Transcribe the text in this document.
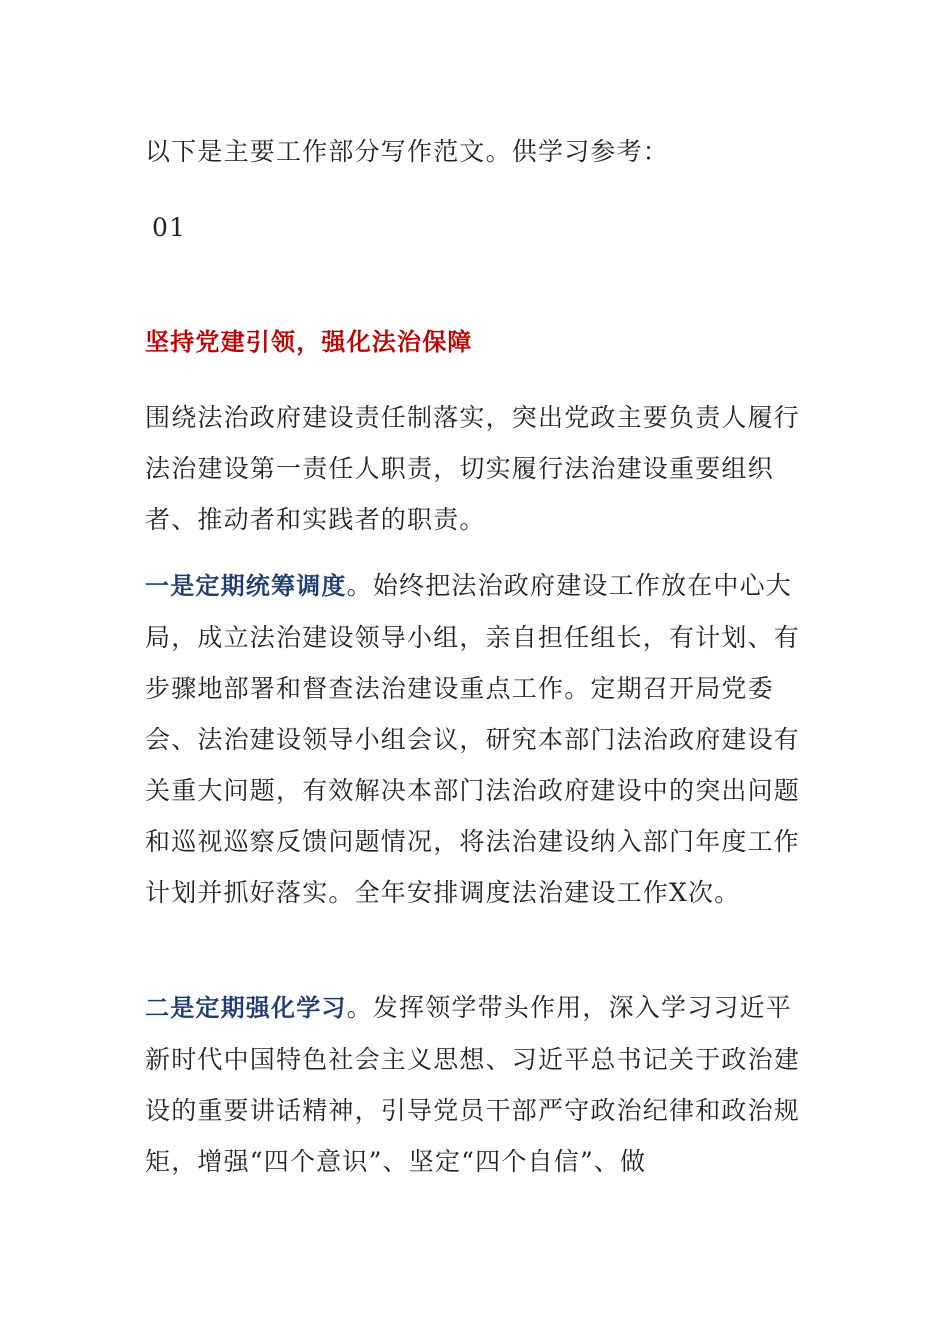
以下是主要工作部分写作范文。供学习参考：
01
坚持党建引领，强化法治保障
围绕法治政府建设责任制落实，突出党政主要负责人履行法治建设第一责任人职责，切实履行法治建设重要组织者、推动者和实践者的职责。
一是定期统筹调度。始终把法治政府建设工作放在中心大局，成立法治建设领导小组，亲自担任组长，有计划、有步骤地部署和督查法治建设重点工作。定期召开局党委会、法治建设领导小组会议，研究本部门法治政府建设有关重大问题，有效解决本部门法治政府建设中的突出问题和巡视巡察反馈问题情况，将法治建设纳入部门年度工作计划并抓好落实。全年安排调度法治建设工作X次。
二是定期强化学习。发挥领学带头作用，深入学习习近平新时代中国特色社会主义思想、习近平总书记关于政治建设的重要讲话精神，引导党员干部严守政治纪律和政治规矩，增强“四个意识”、坚定“四个自信”、做
